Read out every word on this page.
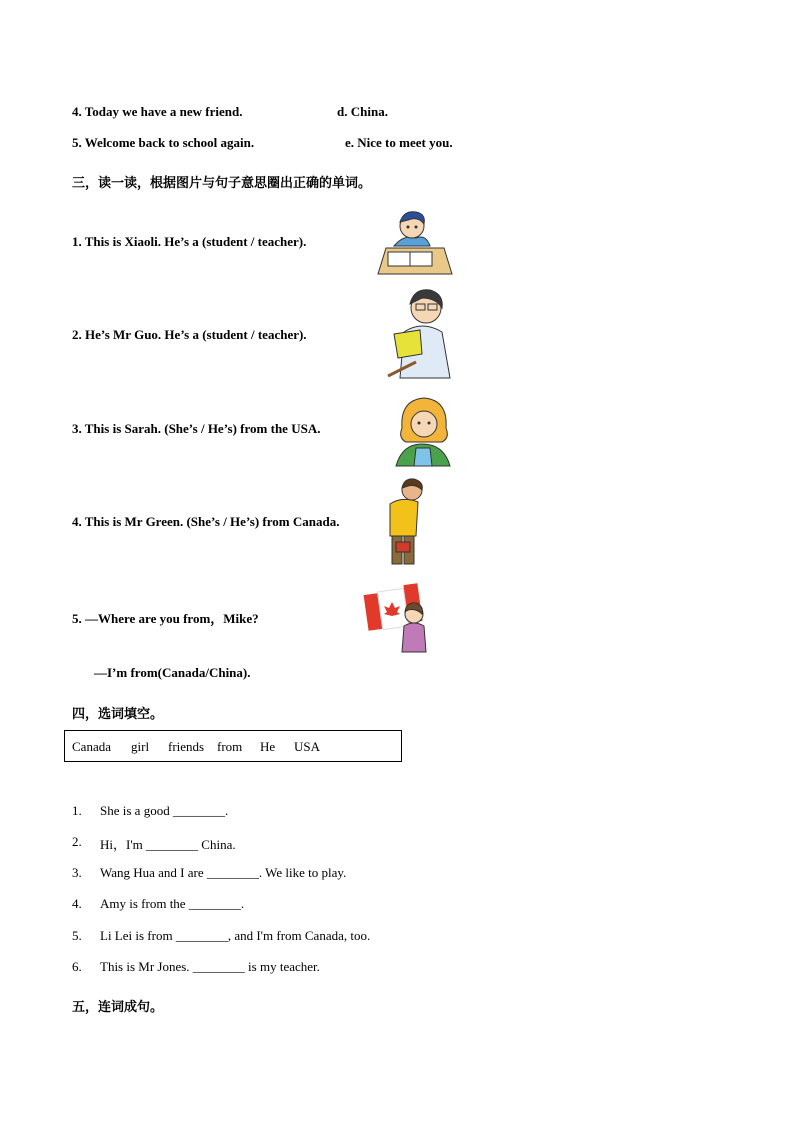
4. Today we have a new friend.	d. China.
5. Welcome back to school again.	e. Nice to meet you.
三，读一读，根据图片与句子意思圈出正确的单词。
1. This is Xiaoli. He’s a (student / teacher).
2. He’s Mr Guo. He’s a (student / teacher).
3. This is Sarah. (She’s / He’s) from the USA.
4. This is Mr Green. (She’s / He’s) from Canada.
5. —Where are you from，Mike?
—I’m from(Canada/China).
四，选词填空。
Canada girl friends from He USA
1. She is a good ________.
2. Hi，I'm ________ China.
3. Wang Hua and I are ________. We like to play.
4. Amy is from the ________.
5. Li Lei is from ________, and I'm from Canada, too.
6. This is Mr Jones. ________ is my teacher.
五，连词成句。
